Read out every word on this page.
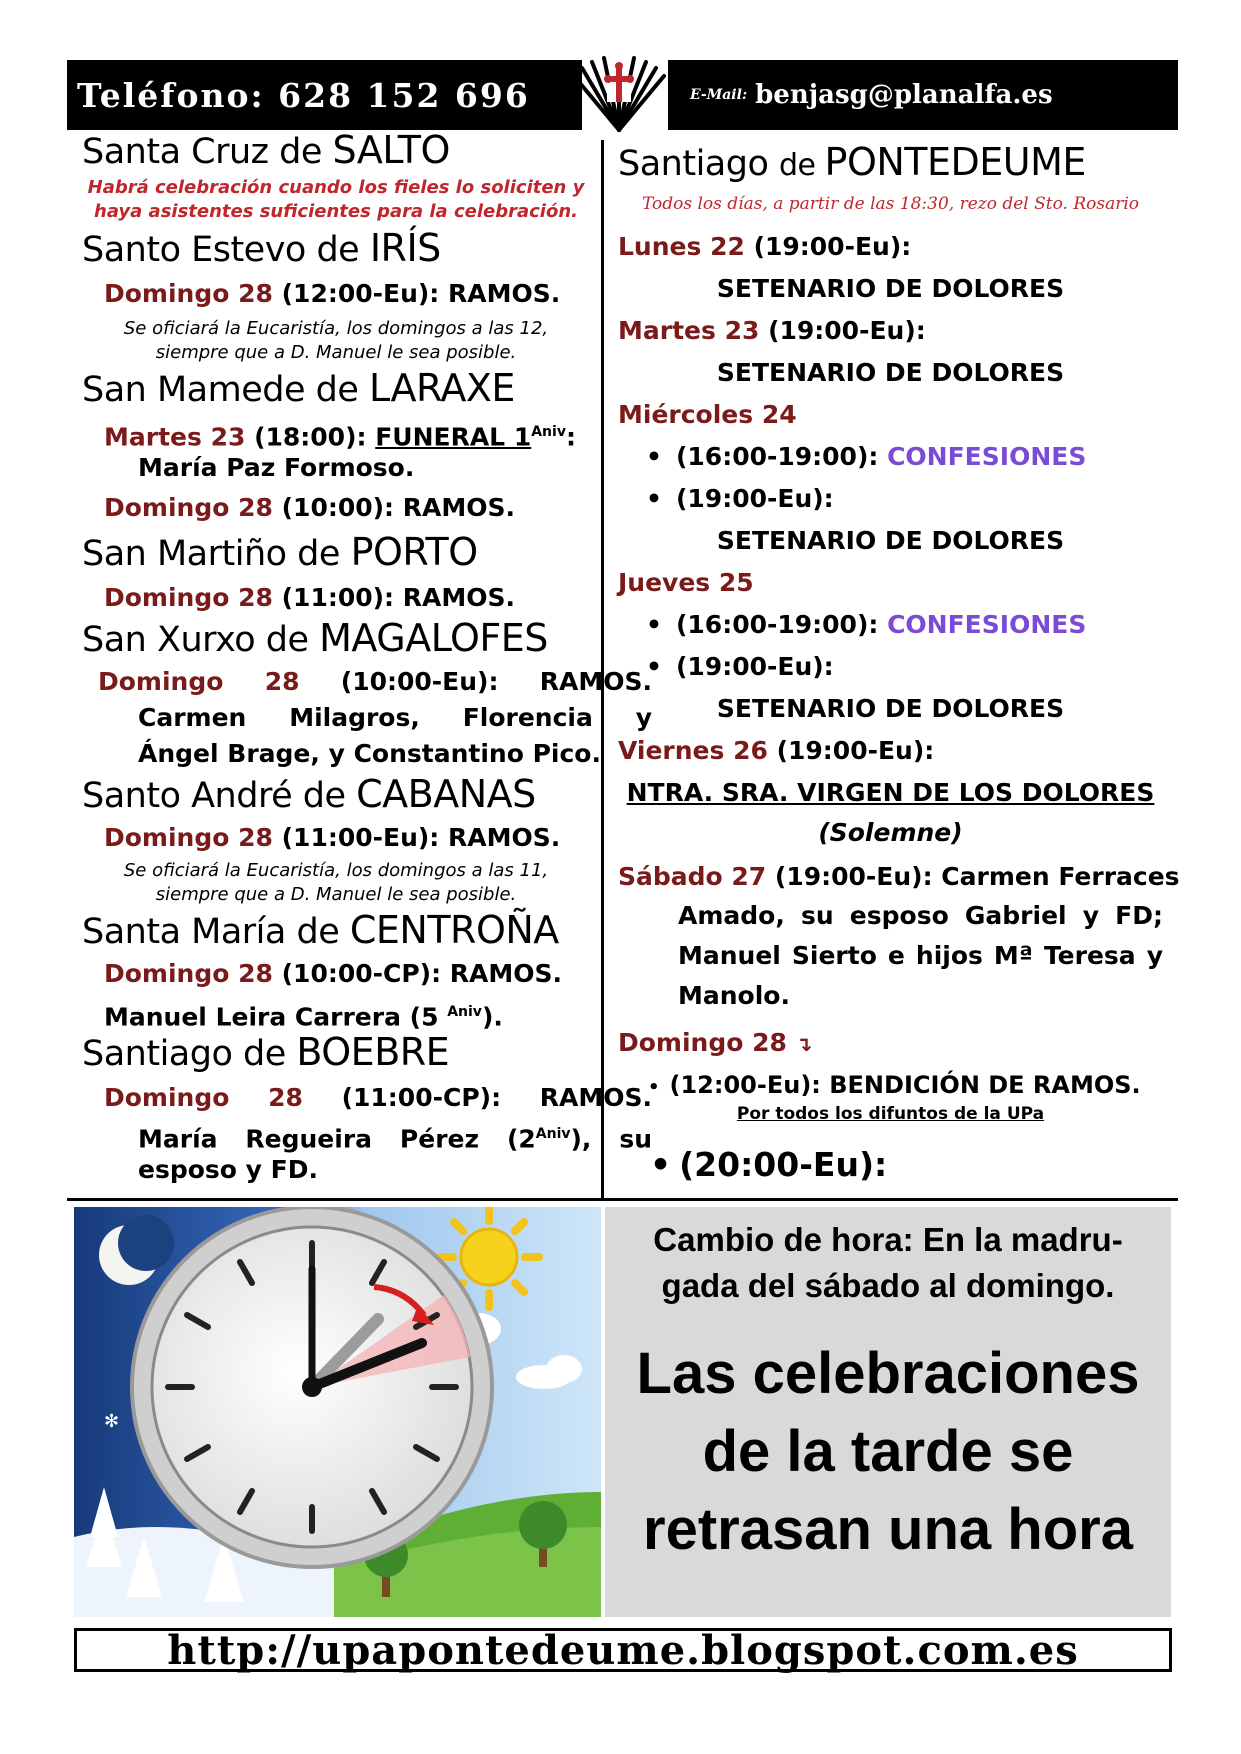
Teléfono: 628 152 696	E-Mail: benjasg@planalfa.es
Santa Cruz de SALTO
Habrá celebración cuando los fieles lo soliciten y
haya asistentes suficientes para la celebración.
Santo Estevo de IRÍS
Domingo 28 (12:00-Eu): RAMOS.
Se oficiará la Eucaristía, los domingos a las 12,
siempre que a D. Manuel le sea posible.
San Mamede de LARAXE
Martes 23 (18:00): FUNERAL $1^{Aniv}$:
María Paz Formoso.
Domingo 28 (10:00): RAMOS.
San Martiño de PORTO
Domingo 28 (11:00): RAMOS.
San Xurxo de MAGALOFES
Domingo 28 (10:00-Eu): RAMOS.
Carmen Milagros, Florencia y
Ángel Brage, y Constantino Pico.
Santo André de CABANAS
Domingo 28 (11:00-Eu): RAMOS.
Se oficiará la Eucaristía, los domingos a las 11,
siempre que a D. Manuel le sea posible.
Santa María de CENTROÑA
Domingo 28 (10:00-CP): RAMOS.
Manuel Leira Carrera (5 $^{Aniv}$).
Santiago de BOEBRE
Domingo 28 (11:00-CP): RAMOS.
María Regueira Pérez $(2^{Aniv})$, su
esposo y FD.
Santiago de PONTEDEUME
Todos los días, a partir de las 18:30, rezo del Sto. Rosario
Lunes 22 (19:00-Eu):
SETENARIO DE DOLORES
Martes 23 (19:00-Eu):
SETENARIO DE DOLORES
Miércoles 24
• (16:00-19:00): CONFESIONES
• (19:00-Eu):
SETENARIO DE DOLORES
Jueves 25
• (16:00-19:00): CONFESIONES
• (19:00-Eu):
SETENARIO DE DOLORES
Viernes 26 (19:00-Eu):
NTRA. SRA. VIRGEN DE LOS DOLORES
(Solemne)
Sábado 27 (19:00-Eu): Carmen Ferraces
Amado, su esposo Gabriel y FD;
Manuel Sierto e hijos Mª Teresa y
Manolo.
Domingo 28 ↴
• (12:00-Eu): BENDICIÓN DE RAMOS.
Por todos los difuntos de la UPa
• (20:00-Eu):
✻
Cambio de hora: En la madru-
gada del sábado al domingo.
Las celebraciones
de la tarde se
retrasan una hora
http://upapontedeume.blogspot.com.es
